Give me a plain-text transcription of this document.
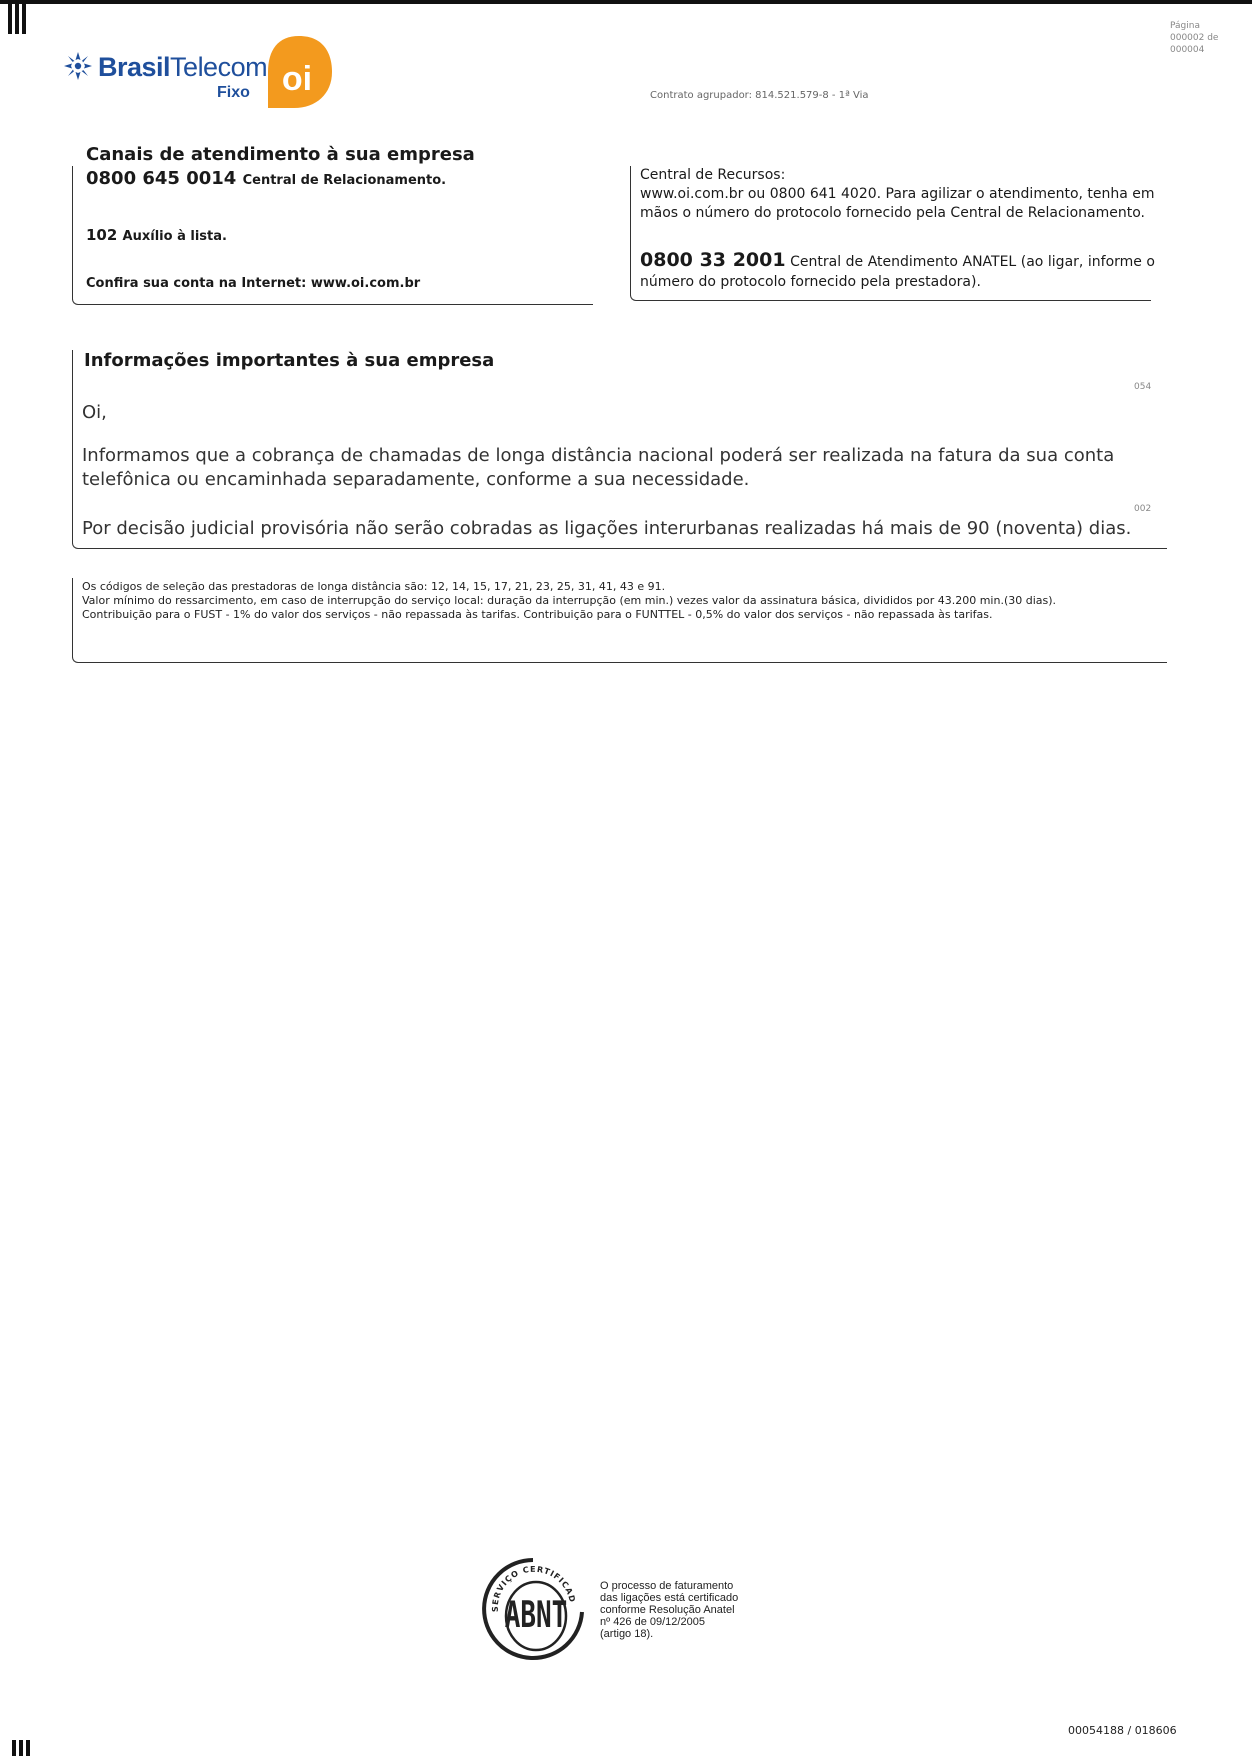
BrasilTelecom
Fixo oi
Página
000002 de
000004
Contrato agrupador: 814.521.579-8 - 1ª Via
Canais de atendimento à sua empresa
0800 645 0014 Central de Relacionamento.
102 Auxílio à lista.
Confira sua conta na Internet: www.oi.com.br
Central de Recursos:
www.oi.com.br ou 0800 641 4020. Para agilizar o atendimento, tenha em mãos o número do protocolo fornecido pela Central de Relacionamento.
0800 33 2001 Central de Atendimento ANATEL (ao ligar, informe o número do protocolo fornecido pela prestadora).
Informações importantes à sua empresa
054
Oi,
Informamos que a cobrança de chamadas de longa distância nacional poderá ser realizada na fatura da sua conta telefônica ou encaminhada separadamente, conforme a sua necessidade.
002
Por decisão judicial provisória não serão cobradas as ligações interurbanas realizadas há mais de 90 (noventa) dias.

Os códigos de seleção das prestadoras de longa distância são: 12, 14, 15, 17, 21, 23, 25, 31, 41, 43 e 91.

Valor mínimo do ressarcimento, em caso de interrupção do serviço local: duração da interrupção (em min.) vezes valor da assinatura básica, divididos por 43.200 min.(30 dias).

Contribuição para o FUST - 1% do valor dos serviços - não repassada às tarifas. Contribuição para o FUNTTEL - 0,5% do valor dos serviços - não repassada às tarifas.

SERVIÇO CERTIFICAD
ABNT

O processo de faturamento

das ligações está certificado

conforme Resolução Anatel

nº 426 de 09/12/2005

(artigo 18).

00054188 / 018606
